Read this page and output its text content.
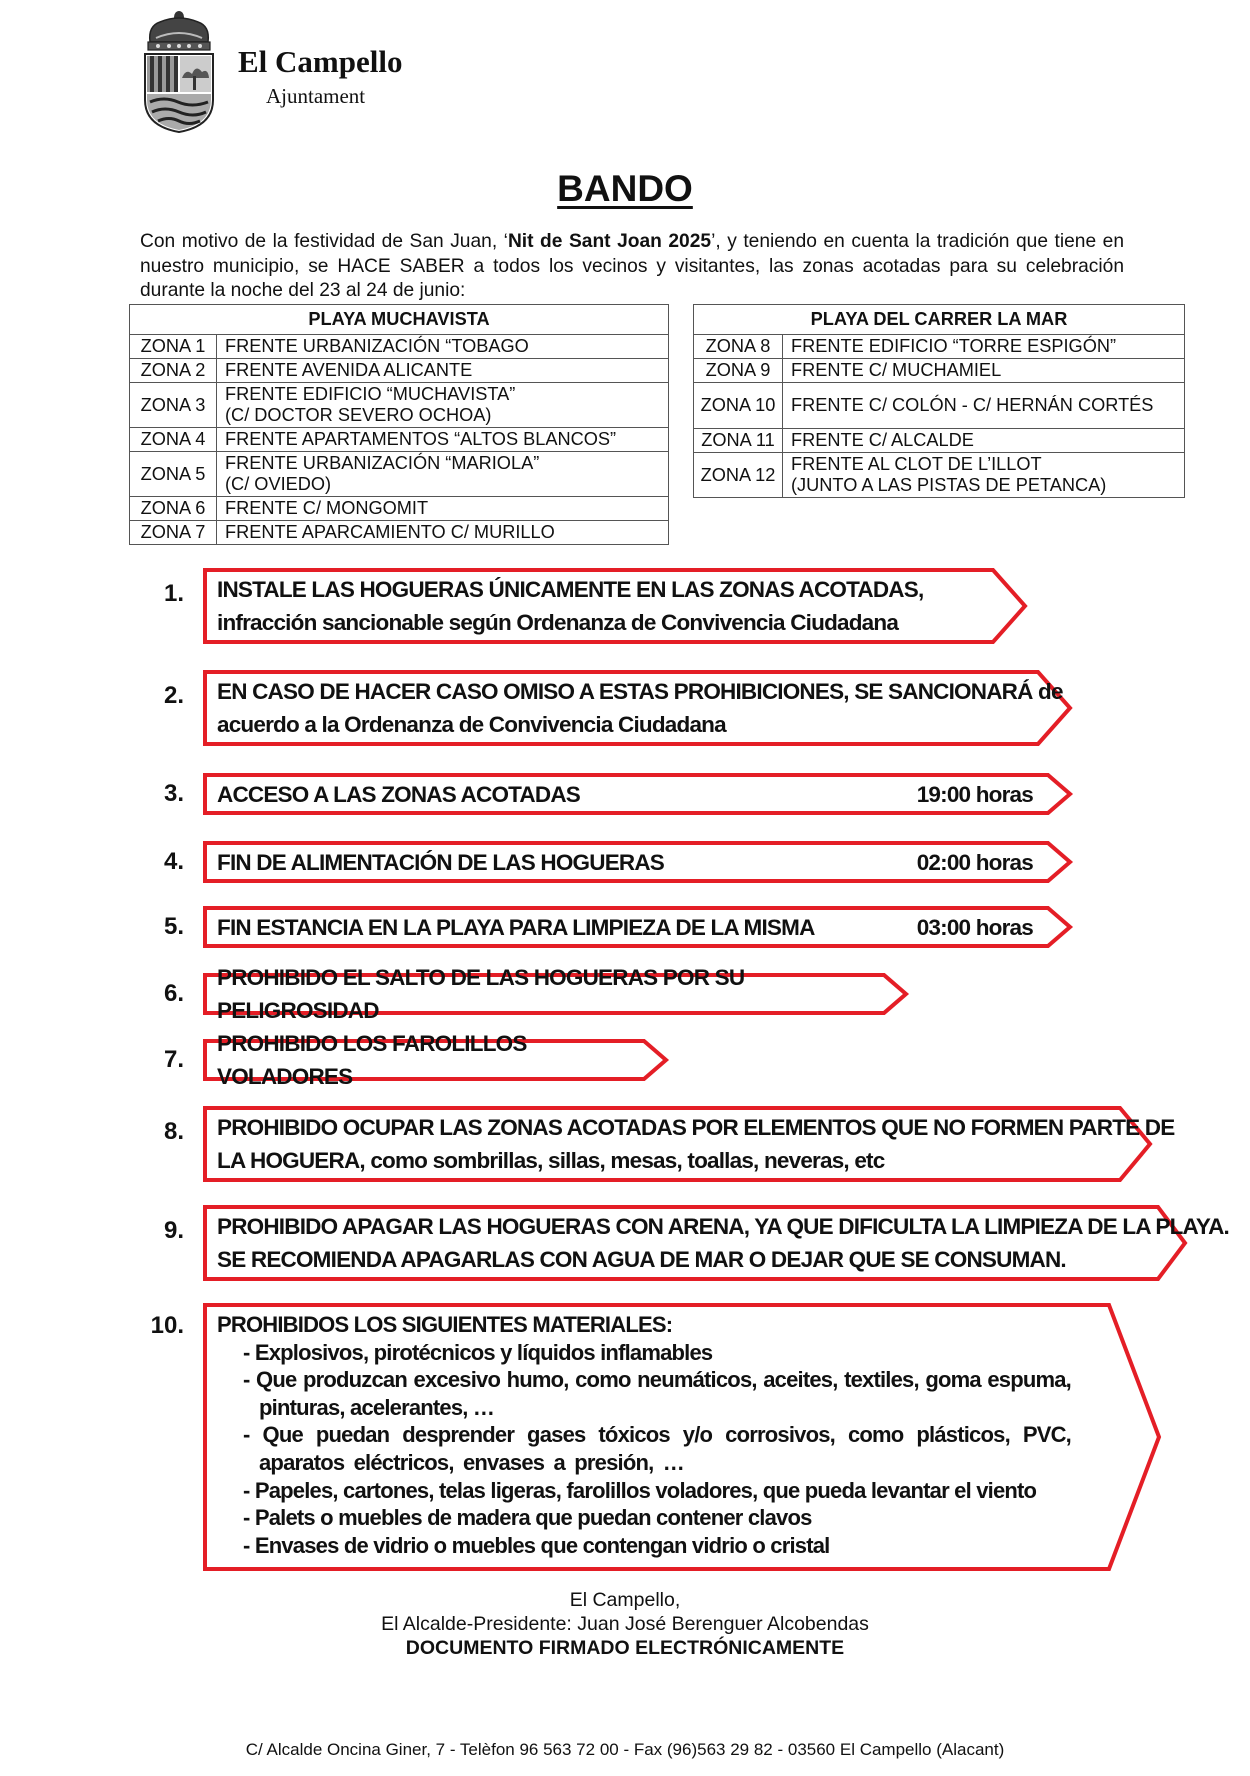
El Campello
Ajuntament
BANDO

Con motivo de la festividad de San Juan, ‘Nit de Sant Joan 2025’, y teniendo en cuenta la tradición que tiene en nuestro municipio, se HACE SABER a todos los vecinos y visitantes, las zonas acotadas para su celebración durante la noche del 23 al 24 de junio:

PLAYA MUCHAVISTA	
ZONA 1	FRENTE URBANIZACIÓN “TOBAGO
ZONA 2	FRENTE AVENIDA ALICANTE
ZONA 3	FRENTE EDIFICIO “MUCHAVISTA”
(C/ DOCTOR SEVERO OCHOA)
ZONA 4	FRENTE APARTAMENTOS “ALTOS BLANCOS”
ZONA 5	FRENTE URBANIZACIÓN “MARIOLA”
(C/ OVIEDO)
ZONA 6	FRENTE C/ MONGOMIT
ZONA 7	FRENTE APARCAMIENTO C/ MURILLO
PLAYA DEL CARRER LA MAR	
ZONA 8	FRENTE EDIFICIO “TORRE ESPIGÓN”
ZONA 9	FRENTE C/ MUCHAMIEL
ZONA 10	FRENTE C/ COLÓN - C/ HERNÁN CORTÉS
ZONA 11	FRENTE C/ ALCALDE
ZONA 12	FRENTE AL CLOT DE L’ILLOT
(JUNTO A LAS PISTAS DE PETANCA)
1. INSTALE LAS HOGUERAS ÚNICAMENTE EN LAS ZONAS ACOTADAS,
infracción sancionable según Ordenanza de Convivencia Ciudadana
2. EN CASO DE HACER CASO OMISO A ESTAS PROHIBICIONES, SE SANCIONARÁ de
acuerdo a la Ordenanza de Convivencia Ciudadana
3. ACCESO A LAS ZONAS ACOTADAS	19:00 horas
4. FIN DE ALIMENTACIÓN DE LAS HOGUERAS	02:00 horas
5. FIN ESTANCIA EN LA PLAYA PARA LIMPIEZA DE LA MISMA	03:00 horas
6.
PROHIBIDO EL SALTO DE LAS HOGUERAS POR SU PELIGROSIDAD
7.
PROHIBIDO LOS FAROLILLOS VOLADORES
8. PROHIBIDO OCUPAR LAS ZONAS ACOTADAS POR ELEMENTOS QUE NO FORMEN PARTE DE
LA HOGUERA, como sombrillas, sillas, mesas, toallas, neveras, etc
9. PROHIBIDO APAGAR LAS HOGUERAS CON ARENA, YA QUE DIFICULTA LA LIMPIEZA DE LA PLAYA.
SE RECOMIENDA APAGARLAS CON AGUA DE MAR O DEJAR QUE SE CONSUMAN.
10. PROHIBIDOS LOS SIGUIENTES MATERIALES:
- Explosivos, pirotécnicos y líquidos inflamables
- Que produzcan excesivo humo, como neumáticos, aceites, textiles, goma espuma, pinturas, acelerantes, …
- Que puedan desprender gases tóxicos y/o corrosivos, como plásticos, PVC, aparatos eléctricos, envases a presión, …
- Papeles, cartones, telas ligeras, farolillos voladores, que pueda levantar el viento
- Palets o muebles de madera que puedan contener clavos
- Envases de vidrio o muebles que contengan vidrio o cristal
El Campello,
El Alcalde-Presidente: Juan José Berenguer Alcobendas
DOCUMENTO FIRMADO ELECTRÓNICAMENTE
C/ Alcalde Oncina Giner, 7 - Telèfon 96 563 72 00 - Fax (96)563 29 82 - 03560 El Campello (Alacant)
